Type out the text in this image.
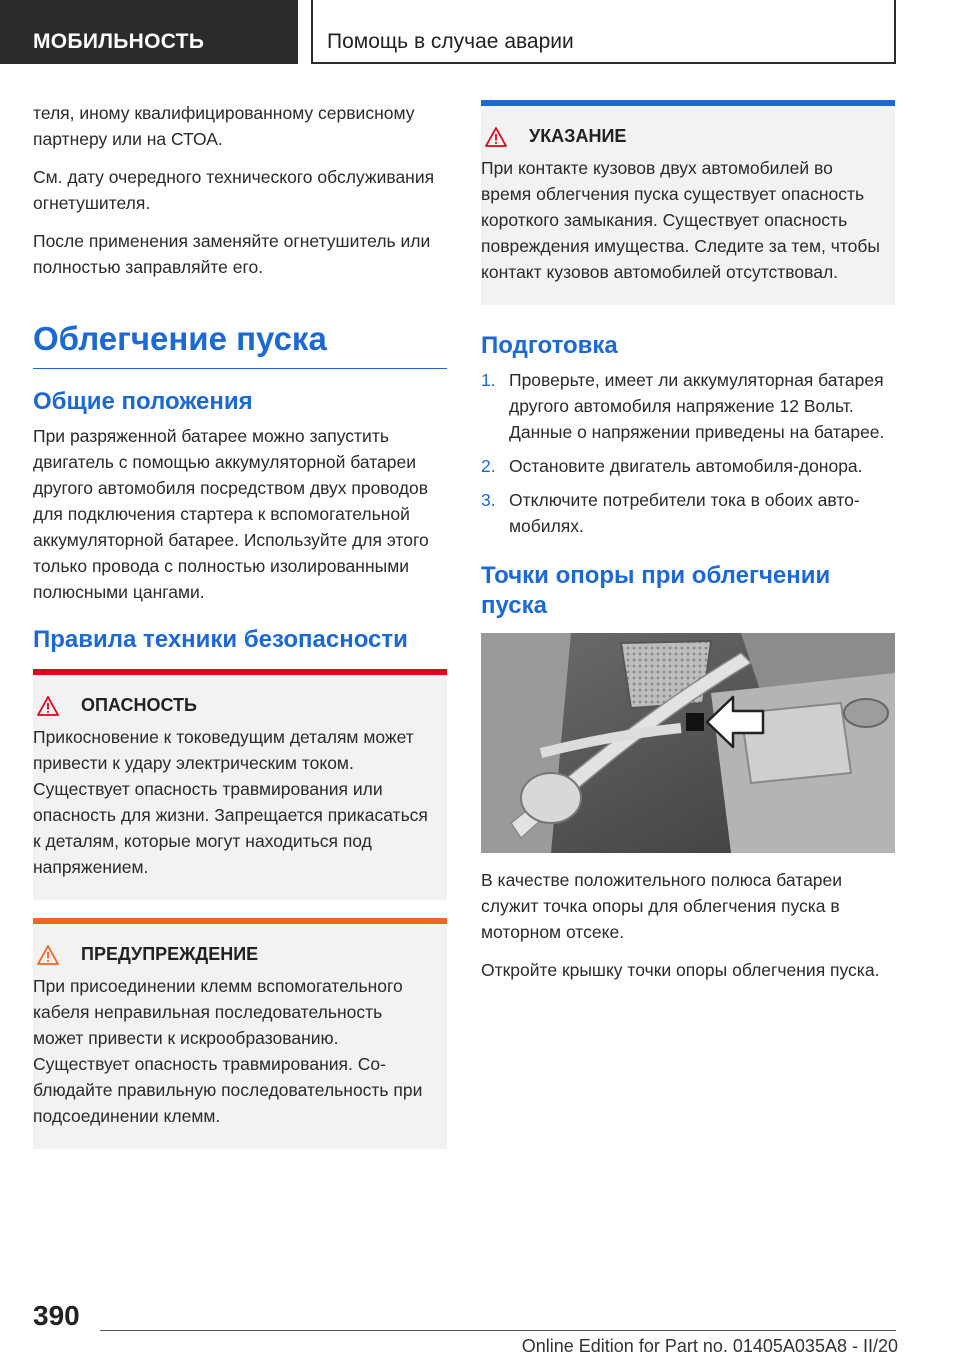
МОБИЛЬНОСТЬ	Помощь в случае аварии

теля, иному квалифицированному сервисному партнеру или на СТОА.

См. дату очередного технического обслуживания огнетушителя.

После применения заменяйте огнетушитель или полностью заправляйте его.

Облегчение пуска
Общие положения

При разряженной батарее можно запустить двигатель с помощью аккумуляторной батареи другого автомобиля посредством двух проводов для подключения стартера к вспомогательной аккумуляторной батарее. Используйте для этого только провода с полностью изолированными полюсными цангами.

Правила техники безопасности
ОПАСНОСТЬ

Прикосновение к токоведущим деталям может привести к удару электрическим током. Существует опасность травмирования или опасность для жизни. Запрещается прикасаться к деталям, которые могут находиться под напряжением.

ПРЕДУПРЕЖДЕНИЕ

При присоединении клемм вспомогательного кабеля неправильная последовательность может привести к искрообразованию. Существует опасность травмирования. Соблюдайте правильную последовательность при подсоединении клемм.

УКАЗАНИЕ

При контакте кузовов двух автомобилей во время облегчения пуска существует опасность короткого замыкания. Существует опасность повреждения имущества. Следите за тем, чтобы контакт кузовов автомобилей отсутствовал.

Подготовка
1. Проверьте, имеет ли аккумуляторная батарея другого автомобиля напряжение 12 Вольт. Данные о напряжении приведены на батарее.
2. Остановите двигатель автомобиля-донора.
3. Отключите потребители тока в обоих автомобилях.
Точки опоры при облегчении пуска

В качестве положительного полюса батареи служит точка опоры для облегчения пуска в моторном отсеке.

Откройте крышку точки опоры облегчения пуска.

390
Online Edition for Part no. 01405A035A8 - II/20
